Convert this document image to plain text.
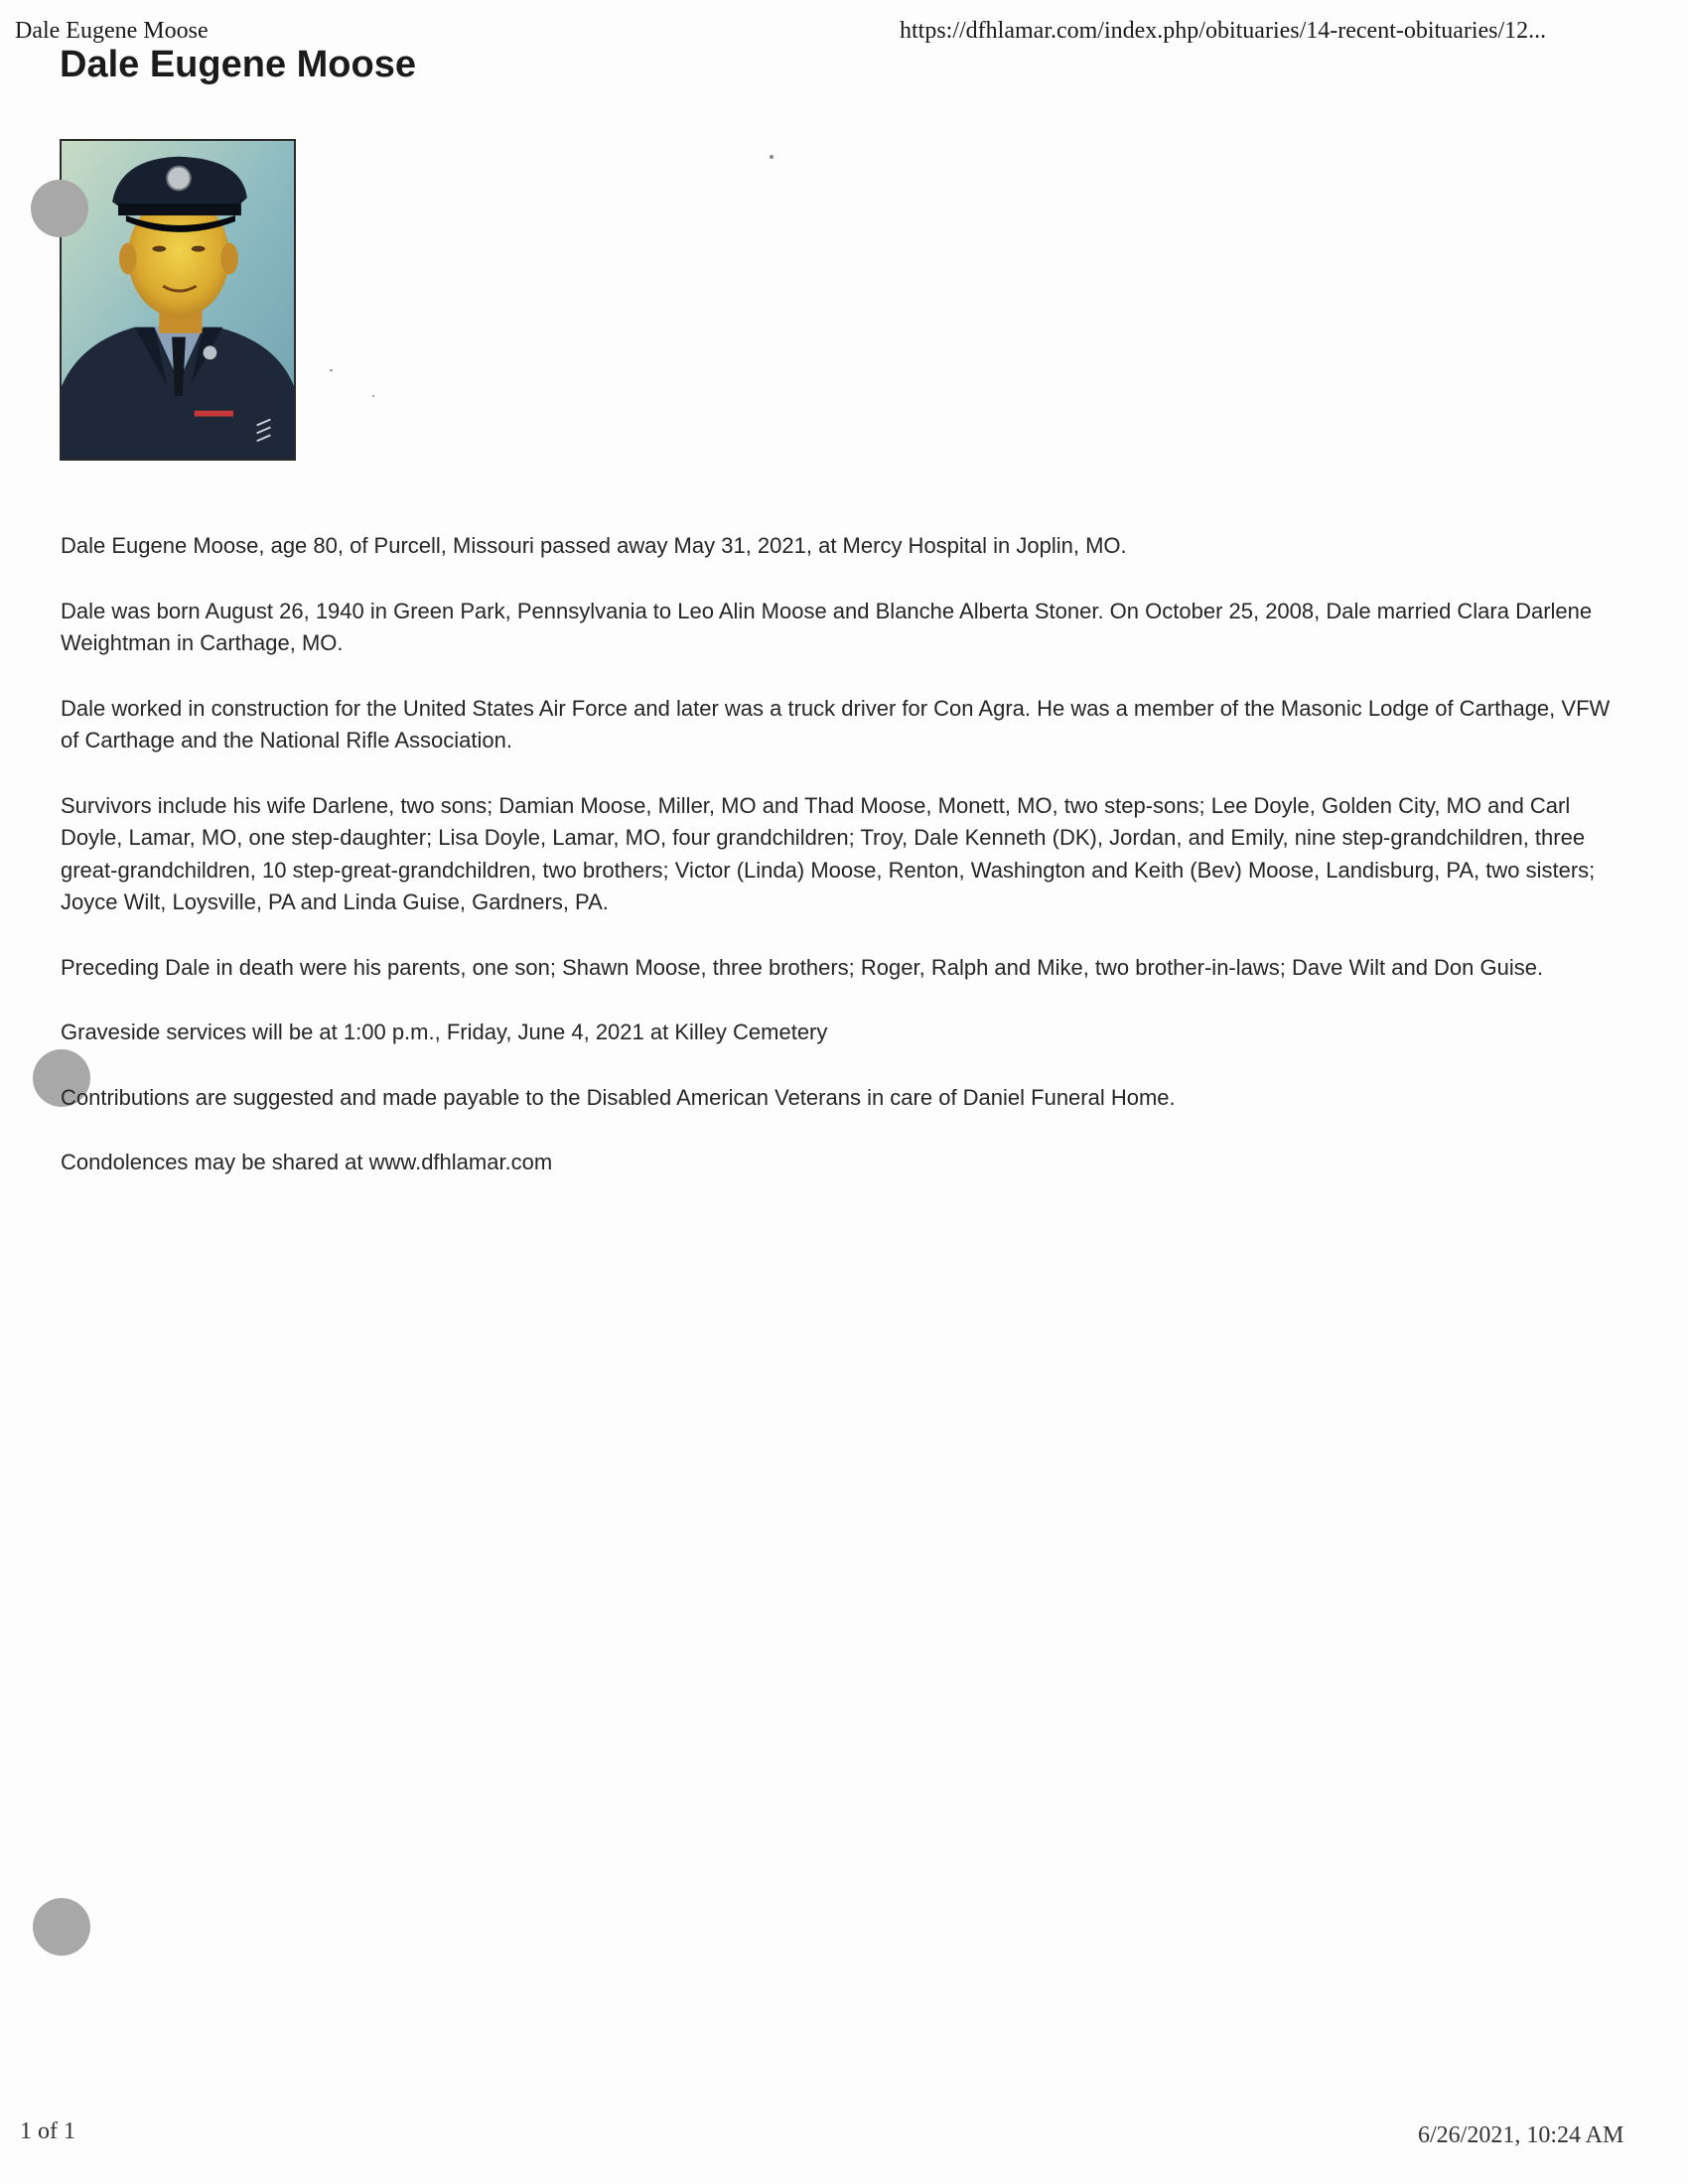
Dale Eugene Moose	https://dfhlamar.com/index.php/obituaries/14-recent-obituaries/12...
Dale Eugene Moose

Dale Eugene Moose, age 80, of Purcell, Missouri passed away May 31, 2021, at Mercy Hospital in Joplin, MO.

Dale was born August 26, 1940 in Green Park, Pennsylvania to Leo Alin Moose and Blanche Alberta Stoner. On October 25, 2008, Dale married Clara Darlene Weightman in Carthage, MO.

Dale worked in construction for the United States Air Force and later was a truck driver for Con Agra. He was a member of the Masonic Lodge of Carthage, VFW of Carthage and the National Rifle Association.

Survivors include his wife Darlene, two sons; Damian Moose, Miller, MO and Thad Moose, Monett, MO, two step-sons; Lee Doyle, Golden City, MO and Carl Doyle, Lamar, MO, one step-daughter; Lisa Doyle, Lamar, MO, four grandchildren; Troy, Dale Kenneth (DK), Jordan, and Emily, nine step-grandchildren, three great-grandchildren, 10 step-great-grandchildren, two brothers; Victor (Linda) Moose, Renton, Washington and Keith (Bev) Moose, Landisburg, PA, two sisters; Joyce Wilt, Loysville, PA and Linda Guise, Gardners, PA.

Preceding Dale in death were his parents, one son; Shawn Moose, three brothers; Roger, Ralph and Mike, two brother-in-laws; Dave Wilt and Don Guise.

Graveside services will be at 1:00 p.m., Friday, June 4, 2021 at Killey Cemetery

Contributions are suggested and made payable to the Disabled American Veterans in care of Daniel Funeral Home.

Condolences may be shared at www.dfhlamar.com

1 of 1	6/26/2021, 10:24 AM
